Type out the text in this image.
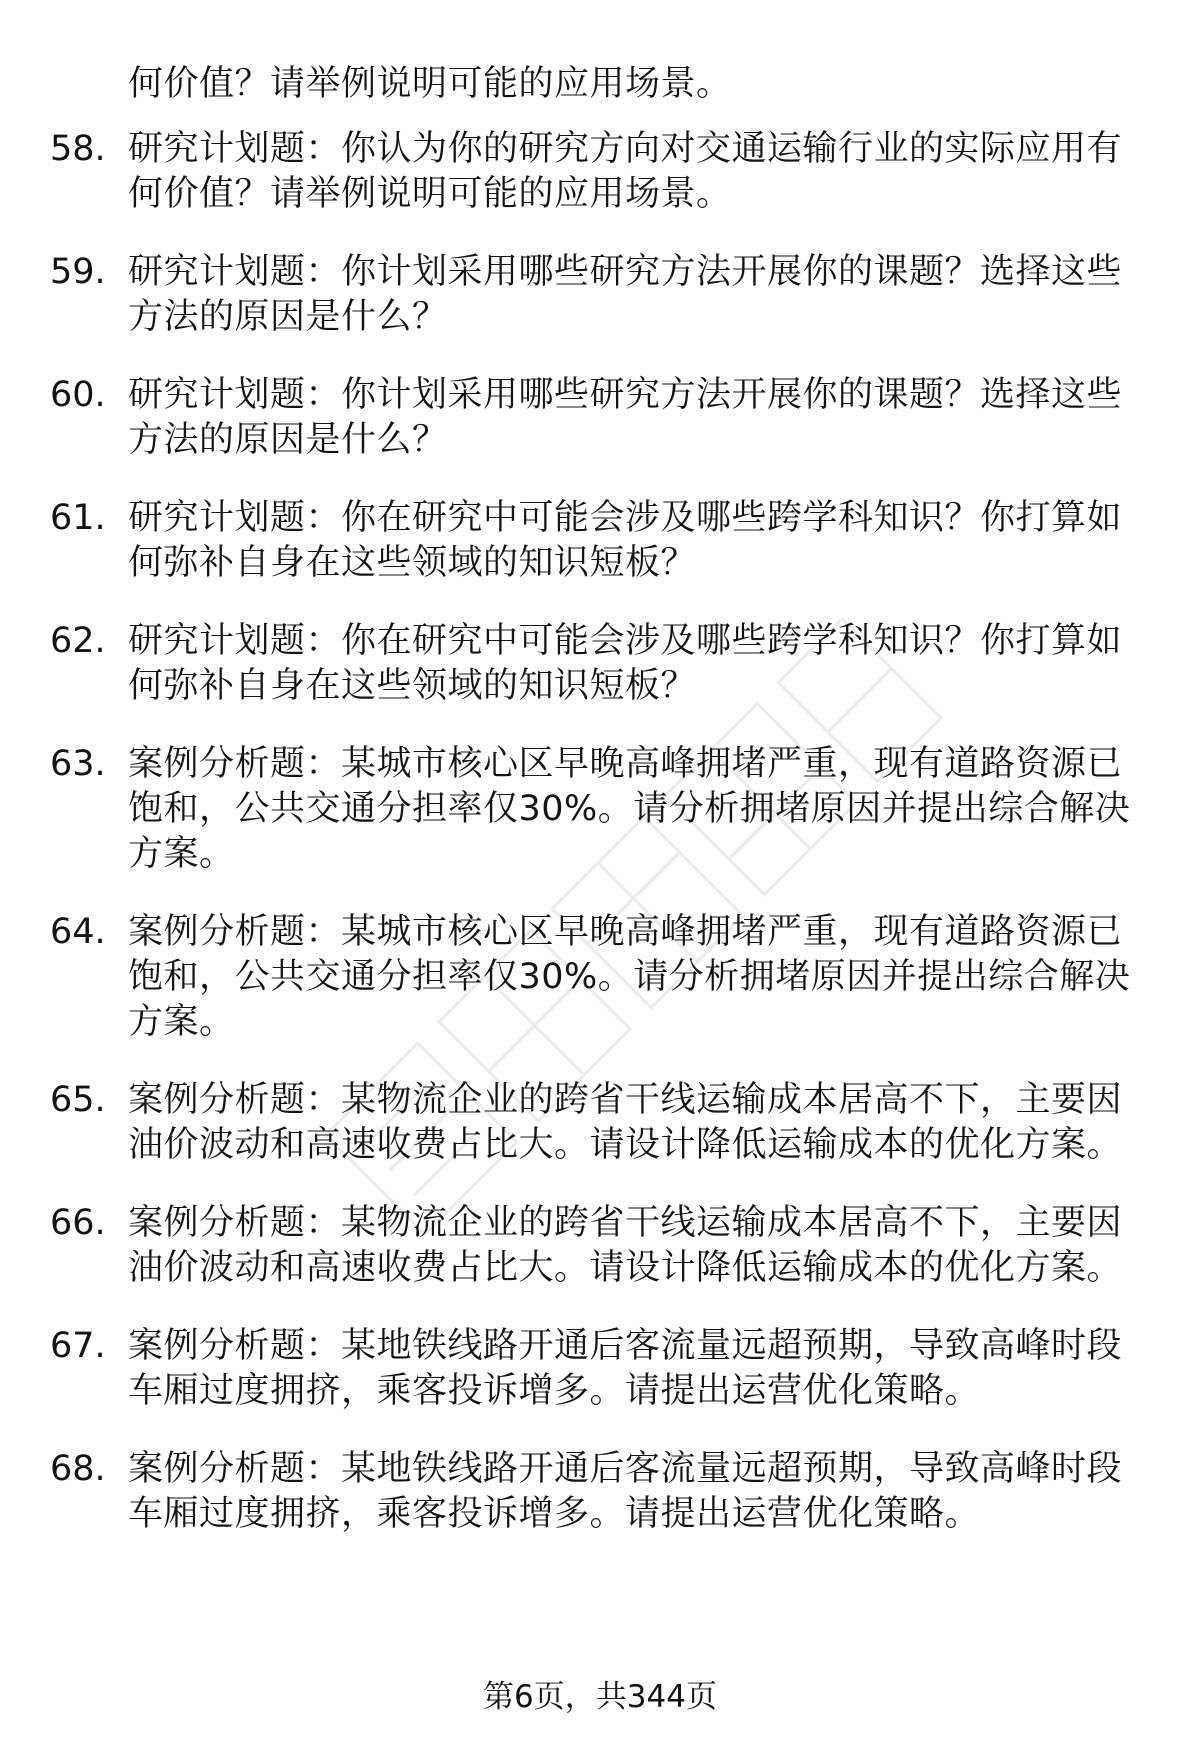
何价值？请举例说明可能的应用场景。
58. 研究计划题：你认为你的研究方向对交通运输行业的实际应用有
何价值？请举例说明可能的应用场景。
59. 研究计划题：你计划采用哪些研究方法开展你的课题？选择这些
方法的原因是什么？
60. 研究计划题：你计划采用哪些研究方法开展你的课题？选择这些
方法的原因是什么？
61. 研究计划题：你在研究中可能会涉及哪些跨学科知识？你打算如
何弥补自身在这些领域的知识短板？
62. 研究计划题：你在研究中可能会涉及哪些跨学科知识？你打算如
何弥补自身在这些领域的知识短板？
63. 案例分析题：某城市核心区早晚高峰拥堵严重，现有道路资源已
饱和，公共交通分担率仅30%。请分析拥堵原因并提出综合解决
方案。
64. 案例分析题：某城市核心区早晚高峰拥堵严重，现有道路资源已
饱和，公共交通分担率仅30%。请分析拥堵原因并提出综合解决
方案。
65. 案例分析题：某物流企业的跨省干线运输成本居高不下，主要因
油价波动和高速收费占比大。请设计降低运输成本的优化方案。
66. 案例分析题：某物流企业的跨省干线运输成本居高不下，主要因
油价波动和高速收费占比大。请设计降低运输成本的优化方案。
67. 案例分析题：某地铁线路开通后客流量远超预期，导致高峰时段
车厢过度拥挤，乘客投诉增多。请提出运营优化策略。
68. 案例分析题：某地铁线路开通后客流量远超预期，导致高峰时段
车厢过度拥挤，乘客投诉增多。请提出运营优化策略。
第6页，共344页
